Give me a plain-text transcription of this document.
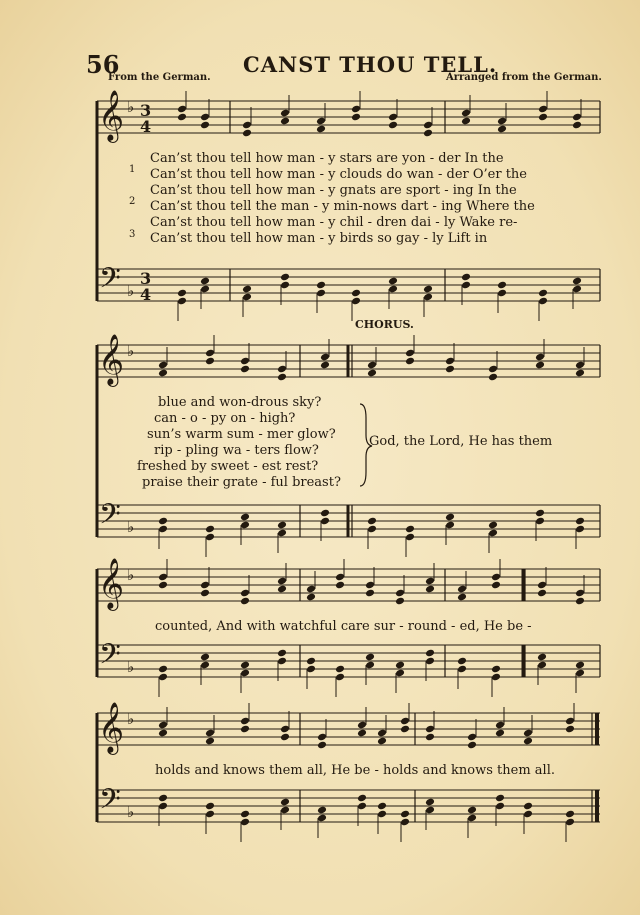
𝄞 ♭ 3
4
𝄢 ♭
3
4
𝄞 ♭
𝄢 ♭
𝄞 ♭
𝄢 ♭
𝄞 ♭
𝄢 ♭
56	CANST THOU TELL.
From the German.	Arranged from the German.
1
2
3
Can’st thou tell how man - y stars are yon - der In the
Can’st thou tell how man - y clouds do wan - der O’er the
Can’st thou tell how man - y gnats are sport - ing In the
Can’st thou tell the man - y min-nows dart - ing Where the
Can’st thou tell how man - y chil - dren dai - ly Wake re-
Can’st thou tell how man - y birds so gay - ly Lift in
CHORUS.
blue and won-drous sky?
can - o - py on - high?
sun’s warm sum - mer glow?
rip - pling wa - ters flow?
freshed by sweet - est rest?
praise their grate - ful breast?
God, the Lord, He has them
counted, And with watchful care sur - round - ed, He be -
holds and knows them all, He be - holds and knows them all.
